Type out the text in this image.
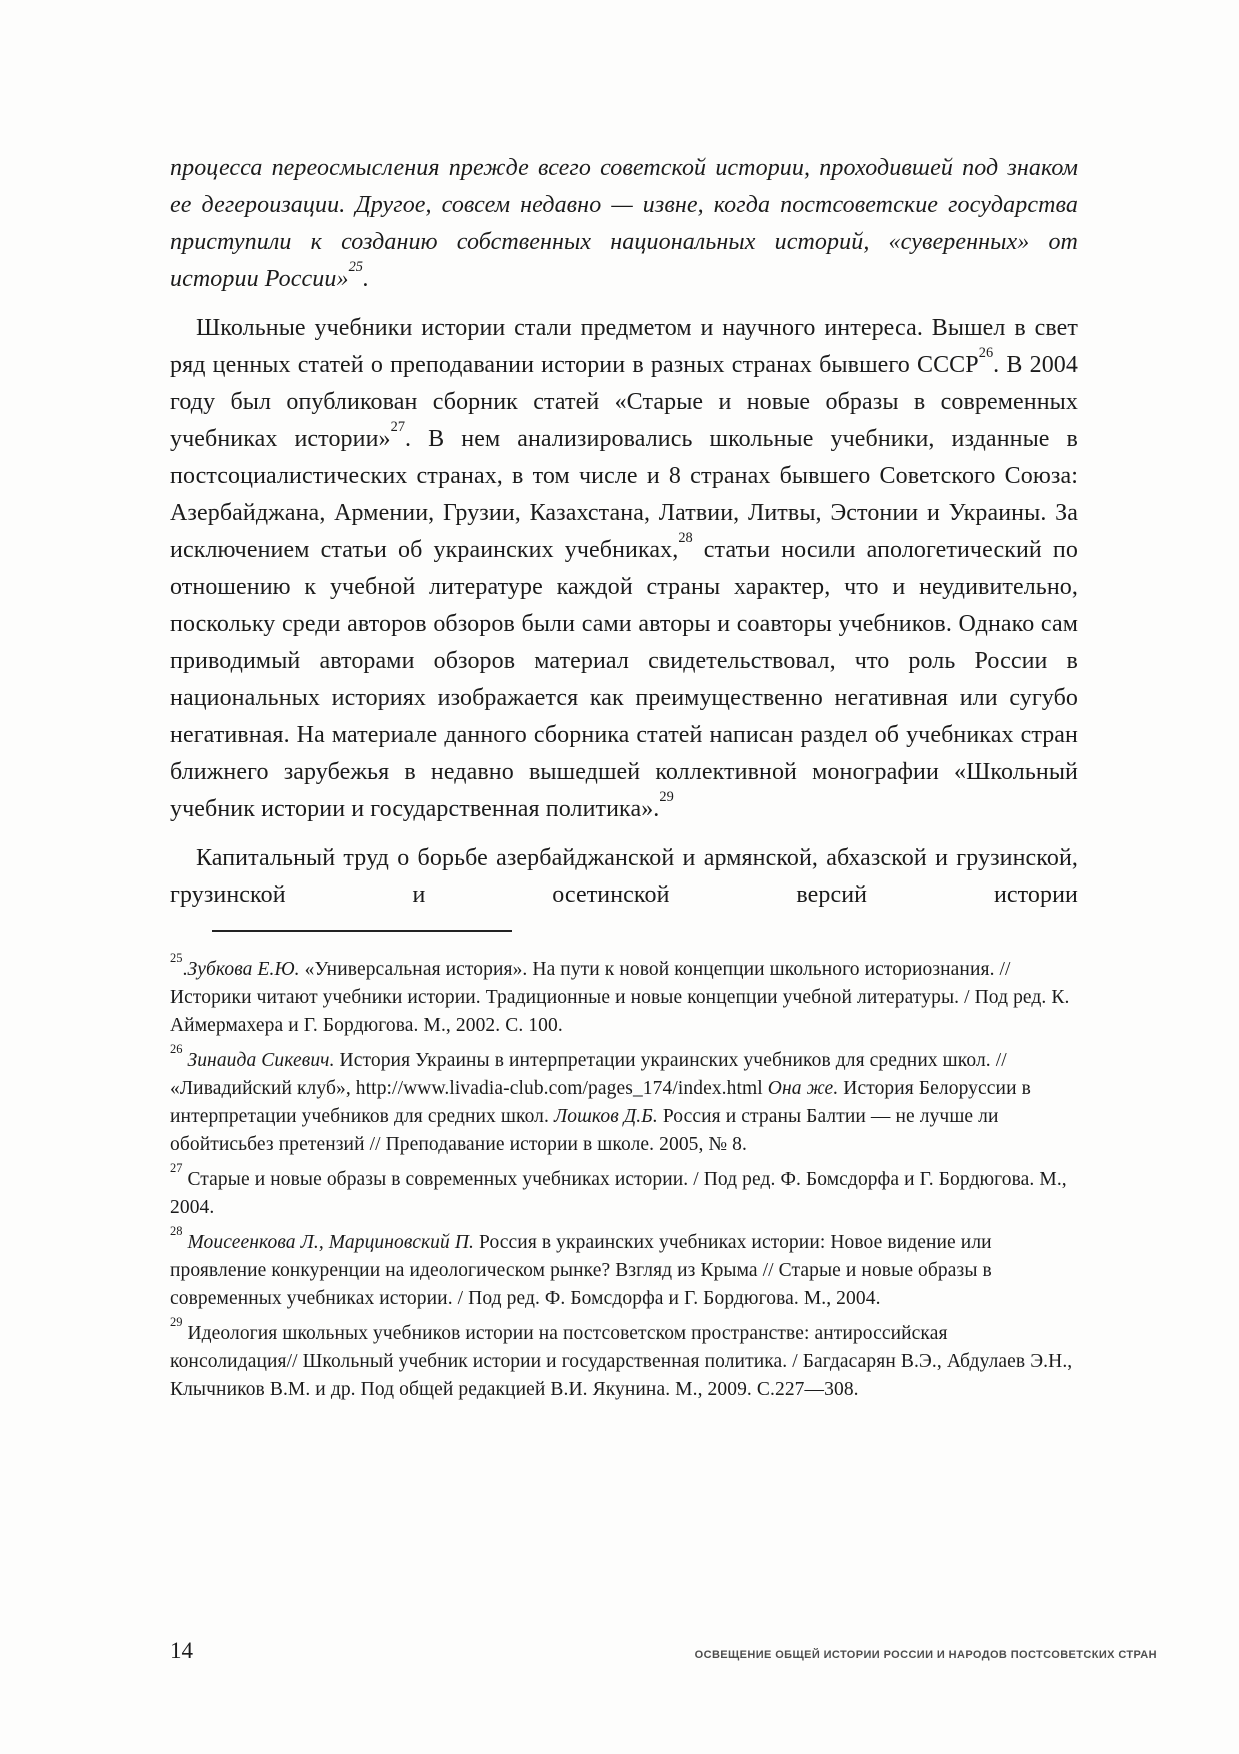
процесса переосмысления прежде всего советской истории, проходившей под знаком ее дегероизации. Другое, совсем недавно — извне, когда постсоветские государства приступили к созданию собственных национальных историй, «суверенных» от истории России»$^{25}$.

Школьные учебники истории стали предметом и научного интереса. Вышел в свет ряд ценных статей о преподавании истории в разных странах бывшего СССР$^{26}$. В 2004 году был опубликован сборник статей «Старые и новые образы в современных учебниках истории»$^{27}$. В нем анализировались школьные учебники, изданные в постсоциалистических странах, в том числе и 8 странах бывшего Советского Союза: Азербайджана, Армении, Грузии, Казахстана, Латвии, Литвы, Эстонии и Украины. За исключением статьи об украинских учебниках,$^{28}$ статьи носили апологетический по отношению к учебной литературе каждой страны характер, что и неудивительно, поскольку среди авторов обзоров были сами авторы и соавторы учебников. Однако сам приводимый авторами обзоров материал свидетельствовал, что роль России в национальных историях изображается как преимущественно негативная или сугубо негативная. На материале данного сборника статей написан раздел об учебниках стран ближнего зарубежья в недавно вышедшей коллективной монографии «Школьный учебник истории и государственная политика».$^{29}$

Капитальный труд о борьбе азербайджанской и армянской, абхазской и грузинской, грузинской и осетинской версий истории

$^{25}$.Зубкова Е.Ю. «Универсальная история». На пути к новой концепции школьного историознания. // Историки читают учебники истории. Традиционные и новые концепции учебной литературы. / Под ред. К. Аймермахера и Г. Бордюгова. М., 2002. С. 100.

$^{26}$ Зинаида Сикевич. История Украины в интерпретации украинских учебников для средних школ. // «Ливадийский клуб», http://www.livadia-club.com/pages_174/index.html Она же. История Белоруссии в интерпретации учебников для средних школ. Лошков Д.Б. Россия и страны Балтии — не лучше ли обойтисьбез претензий // Преподавание истории в школе. 2005, № 8.

$^{27}$ Старые и новые образы в современных учебниках истории. / Под ред. Ф. Бомсдорфа и Г. Бордюгова. М., 2004.

$^{28}$ Моисеенкова Л., Марциновский П. Россия в украинских учебниках истории: Новое видение или проявление конкуренции на идеологическом рынке? Взгляд из Крыма // Старые и новые образы в современных учебниках истории. / Под ред. Ф. Бомсдорфа и Г. Бордюгова. М., 2004.

$^{29}$ Идеология школьных учебников истории на постсоветском пространстве: антироссийская консолидация// Школьный учебник истории и государственная политика. / Багдасарян В.Э., Абдулаев Э.Н., Клычников В.М. и др. Под общей редакцией В.И. Якунина. М., 2009. С.227—308.

14	ОСВЕЩЕНИЕ ОБЩЕЙ ИСТОРИИ РОССИИ И НАРОДОВ ПОСТСОВЕТСКИХ СТРАН
